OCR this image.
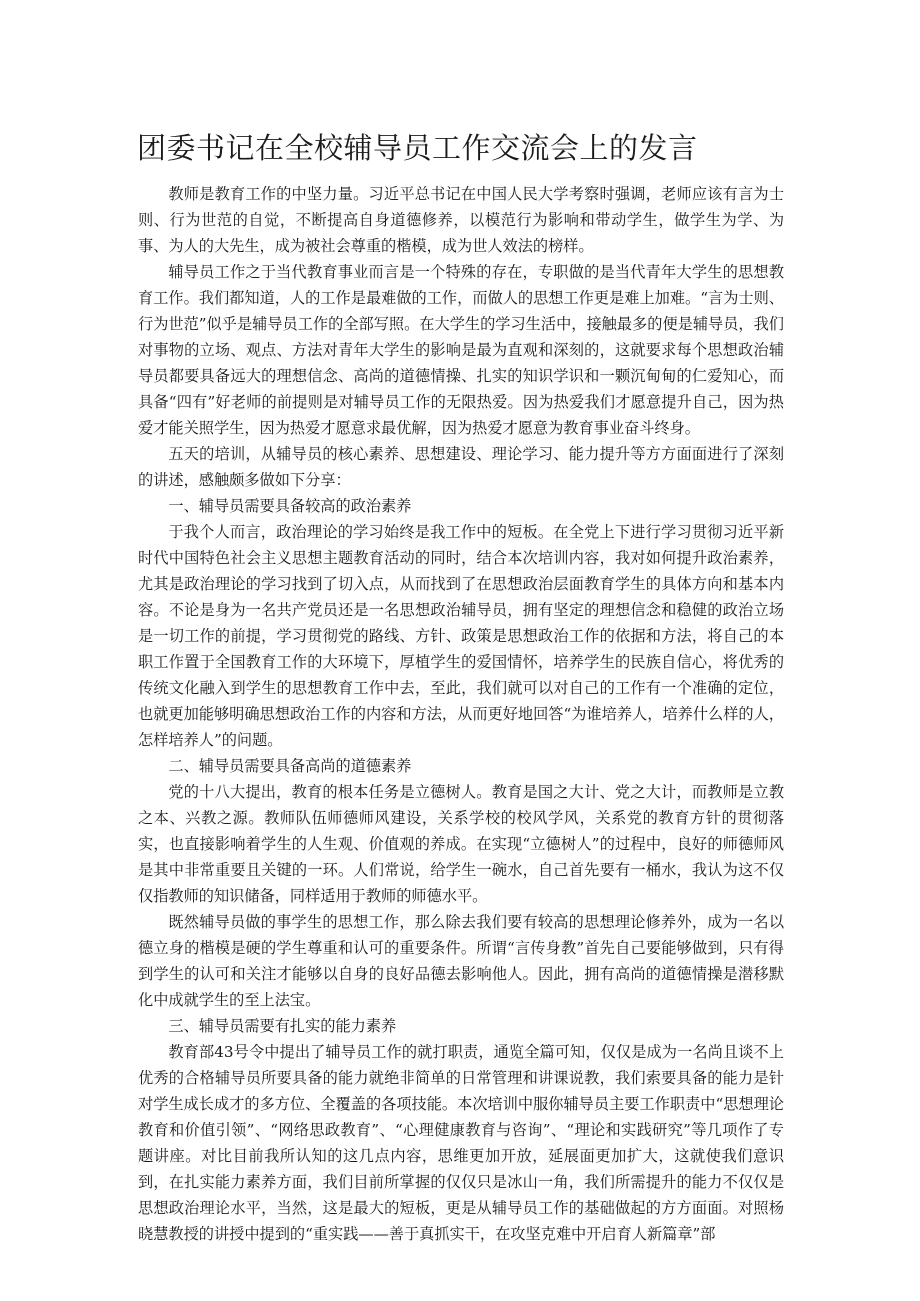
团委书记在全校辅导员工作交流会上的发言

教师是教育工作的中坚力量。习近平总书记在中国人民大学考察时强调，老师应该有言为士则、行为世范的自觉，不断提高自身道德修养，以模范行为影响和带动学生，做学生为学、为事、为人的大先生，成为被社会尊重的楷模，成为世人效法的榜样。

辅导员工作之于当代教育事业而言是一个特殊的存在，专职做的是当代青年大学生的思想教育工作。我们都知道，人的工作是最难做的工作，而做人的思想工作更是难上加难。“言为士则、行为世范”似乎是辅导员工作的全部写照。在大学生的学习生活中，接触最多的便是辅导员，我们对事物的立场、观点、方法对青年大学生的影响是最为直观和深刻的，这就要求每个思想政治辅导员都要具备远大的理想信念、高尚的道德情操、扎实的知识学识和一颗沉甸甸的仁爱知心，而具备“四有”好老师的前提则是对辅导员工作的无限热爱。因为热爱我们才愿意提升自己，因为热爱才能关照学生，因为热爱才愿意求最优解，因为热爱才愿意为教育事业奋斗终身。

五天的培训，从辅导员的核心素养、思想建设、理论学习、能力提升等方方面面进行了深刻的讲述，感触颇多做如下分享：

一、辅导员需要具备较高的政治素养

于我个人而言，政治理论的学习始终是我工作中的短板。在全党上下进行学习贯彻习近平新时代中国特色社会主义思想主题教育活动的同时，结合本次培训内容，我对如何提升政治素养，尤其是政治理论的学习找到了切入点，从而找到了在思想政治层面教育学生的具体方向和基本内容。不论是身为一名共产党员还是一名思想政治辅导员，拥有坚定的理想信念和稳健的政治立场是一切工作的前提，学习贯彻党的路线、方针、政策是思想政治工作的依据和方法，将自己的本职工作置于全国教育工作的大环境下，厚植学生的爱国情怀，培养学生的民族自信心，将优秀的传统文化融入到学生的思想教育工作中去，至此，我们就可以对自己的工作有一个准确的定位，也就更加能够明确思想政治工作的内容和方法，从而更好地回答“为谁培养人，培养什么样的人，怎样培养人”的问题。

二、辅导员需要具备高尚的道德素养

党的十八大提出，教育的根本任务是立德树人。教育是国之大计、党之大计，而教师是立教之本、兴教之源。教师队伍师德师风建设，关系学校的校风学风，关系党的教育方针的贯彻落实，也直接影响着学生的人生观、价值观的养成。在实现“立德树人”的过程中，良好的师德师风是其中非常重要且关键的一环。人们常说，给学生一碗水，自己首先要有一桶水，我认为这不仅仅指教师的知识储备，同样适用于教师的师德水平。

既然辅导员做的事学生的思想工作，那么除去我们要有较高的思想理论修养外，成为一名以德立身的楷模是硬的学生尊重和认可的重要条件。所谓“言传身教”首先自己要能够做到，只有得到学生的认可和关注才能够以自身的良好品德去影响他人。因此，拥有高尚的道德情操是潜移默化中成就学生的至上法宝。

三、辅导员需要有扎实的能力素养

教育部43号令中提出了辅导员工作的就打职责，通览全篇可知，仅仅是成为一名尚且谈不上优秀的合格辅导员所要具备的能力就绝非简单的日常管理和讲课说教，我们索要具备的能力是针对学生成长成才的多方位、全覆盖的各项技能。本次培训中服你辅导员主要工作职责中“思想理论教育和价值引领”、“网络思政教育”、“心理健康教育与咨询”、“理论和实践研究”等几项作了专题讲座。对比目前我所认知的这几点内容，思维更加开放，延展面更加扩大，这就使我们意识到，在扎实能力素养方面，我们目前所掌握的仅仅只是冰山一角，我们所需提升的能力不仅仅是思想政治理论水平，当然，这是最大的短板，更是从辅导员工作的基础做起的方方面面。对照杨晓慧教授的讲授中提到的“重实践——善于真抓实干，在攻坚克难中开启育人新篇章”部
